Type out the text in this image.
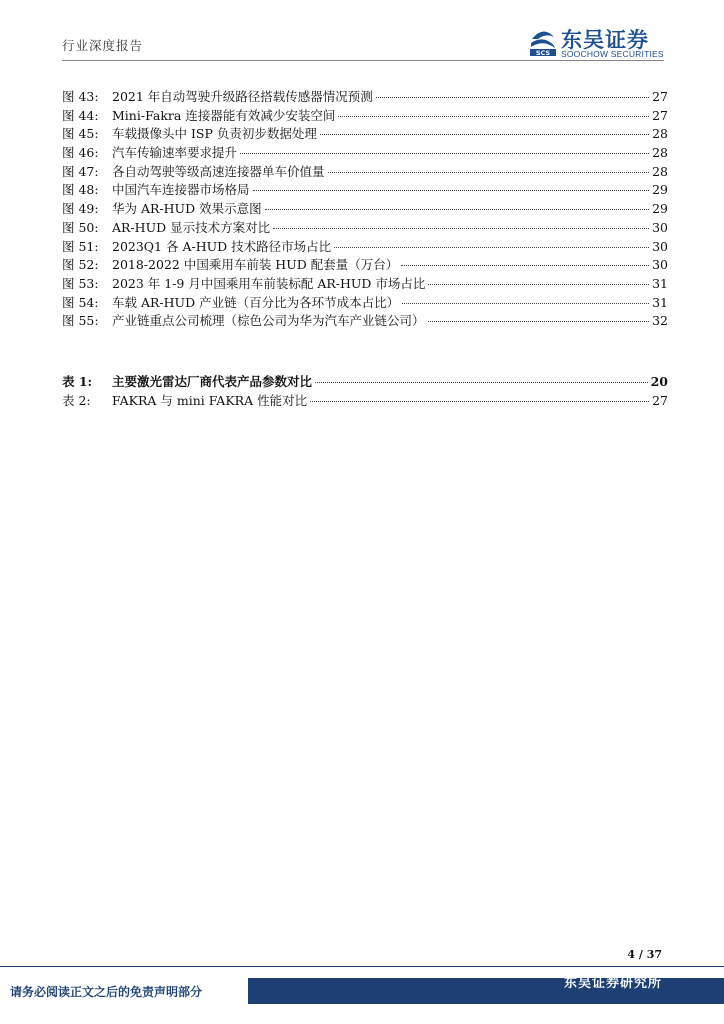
行业深度报告	SCS
东吴证券
SOOCHOW SECURITIES
图 43:	2021 年自动驾驶升级路径搭载传感器情况预测	27
图 44:	Mini-Fakra 连接器能有效减少安装空间	27
图 45:	车载摄像头中 ISP 负责初步数据处理	28
图 46:	汽车传输速率要求提升	28
图 47:	各自动驾驶等级高速连接器单车价值量	28
图 48:	中国汽车连接器市场格局	29
图 49:	华为 AR-HUD 效果示意图	29
图 50:	AR-HUD 显示技术方案对比	30
图 51:	2023Q1 各 A-HUD 技术路径市场占比	30
图 52:	2018-2022 中国乘用车前装 HUD 配套量（万台）	30
图 53:	2023 年 1-9 月中国乘用车前装标配 AR-HUD 市场占比	31
图 54:	车载 AR-HUD 产业链（百分比为各环节成本占比）	31
图 55:	产业链重点公司梳理（棕色公司为华为汽车产业链公司）	32
表 1:	主要激光雷达厂商代表产品参数对比	20
表 2:	FAKRA 与 mini FAKRA 性能对比	27
4 / 37
请务必阅读正文之后的免责声明部分
东吴证券研究所
